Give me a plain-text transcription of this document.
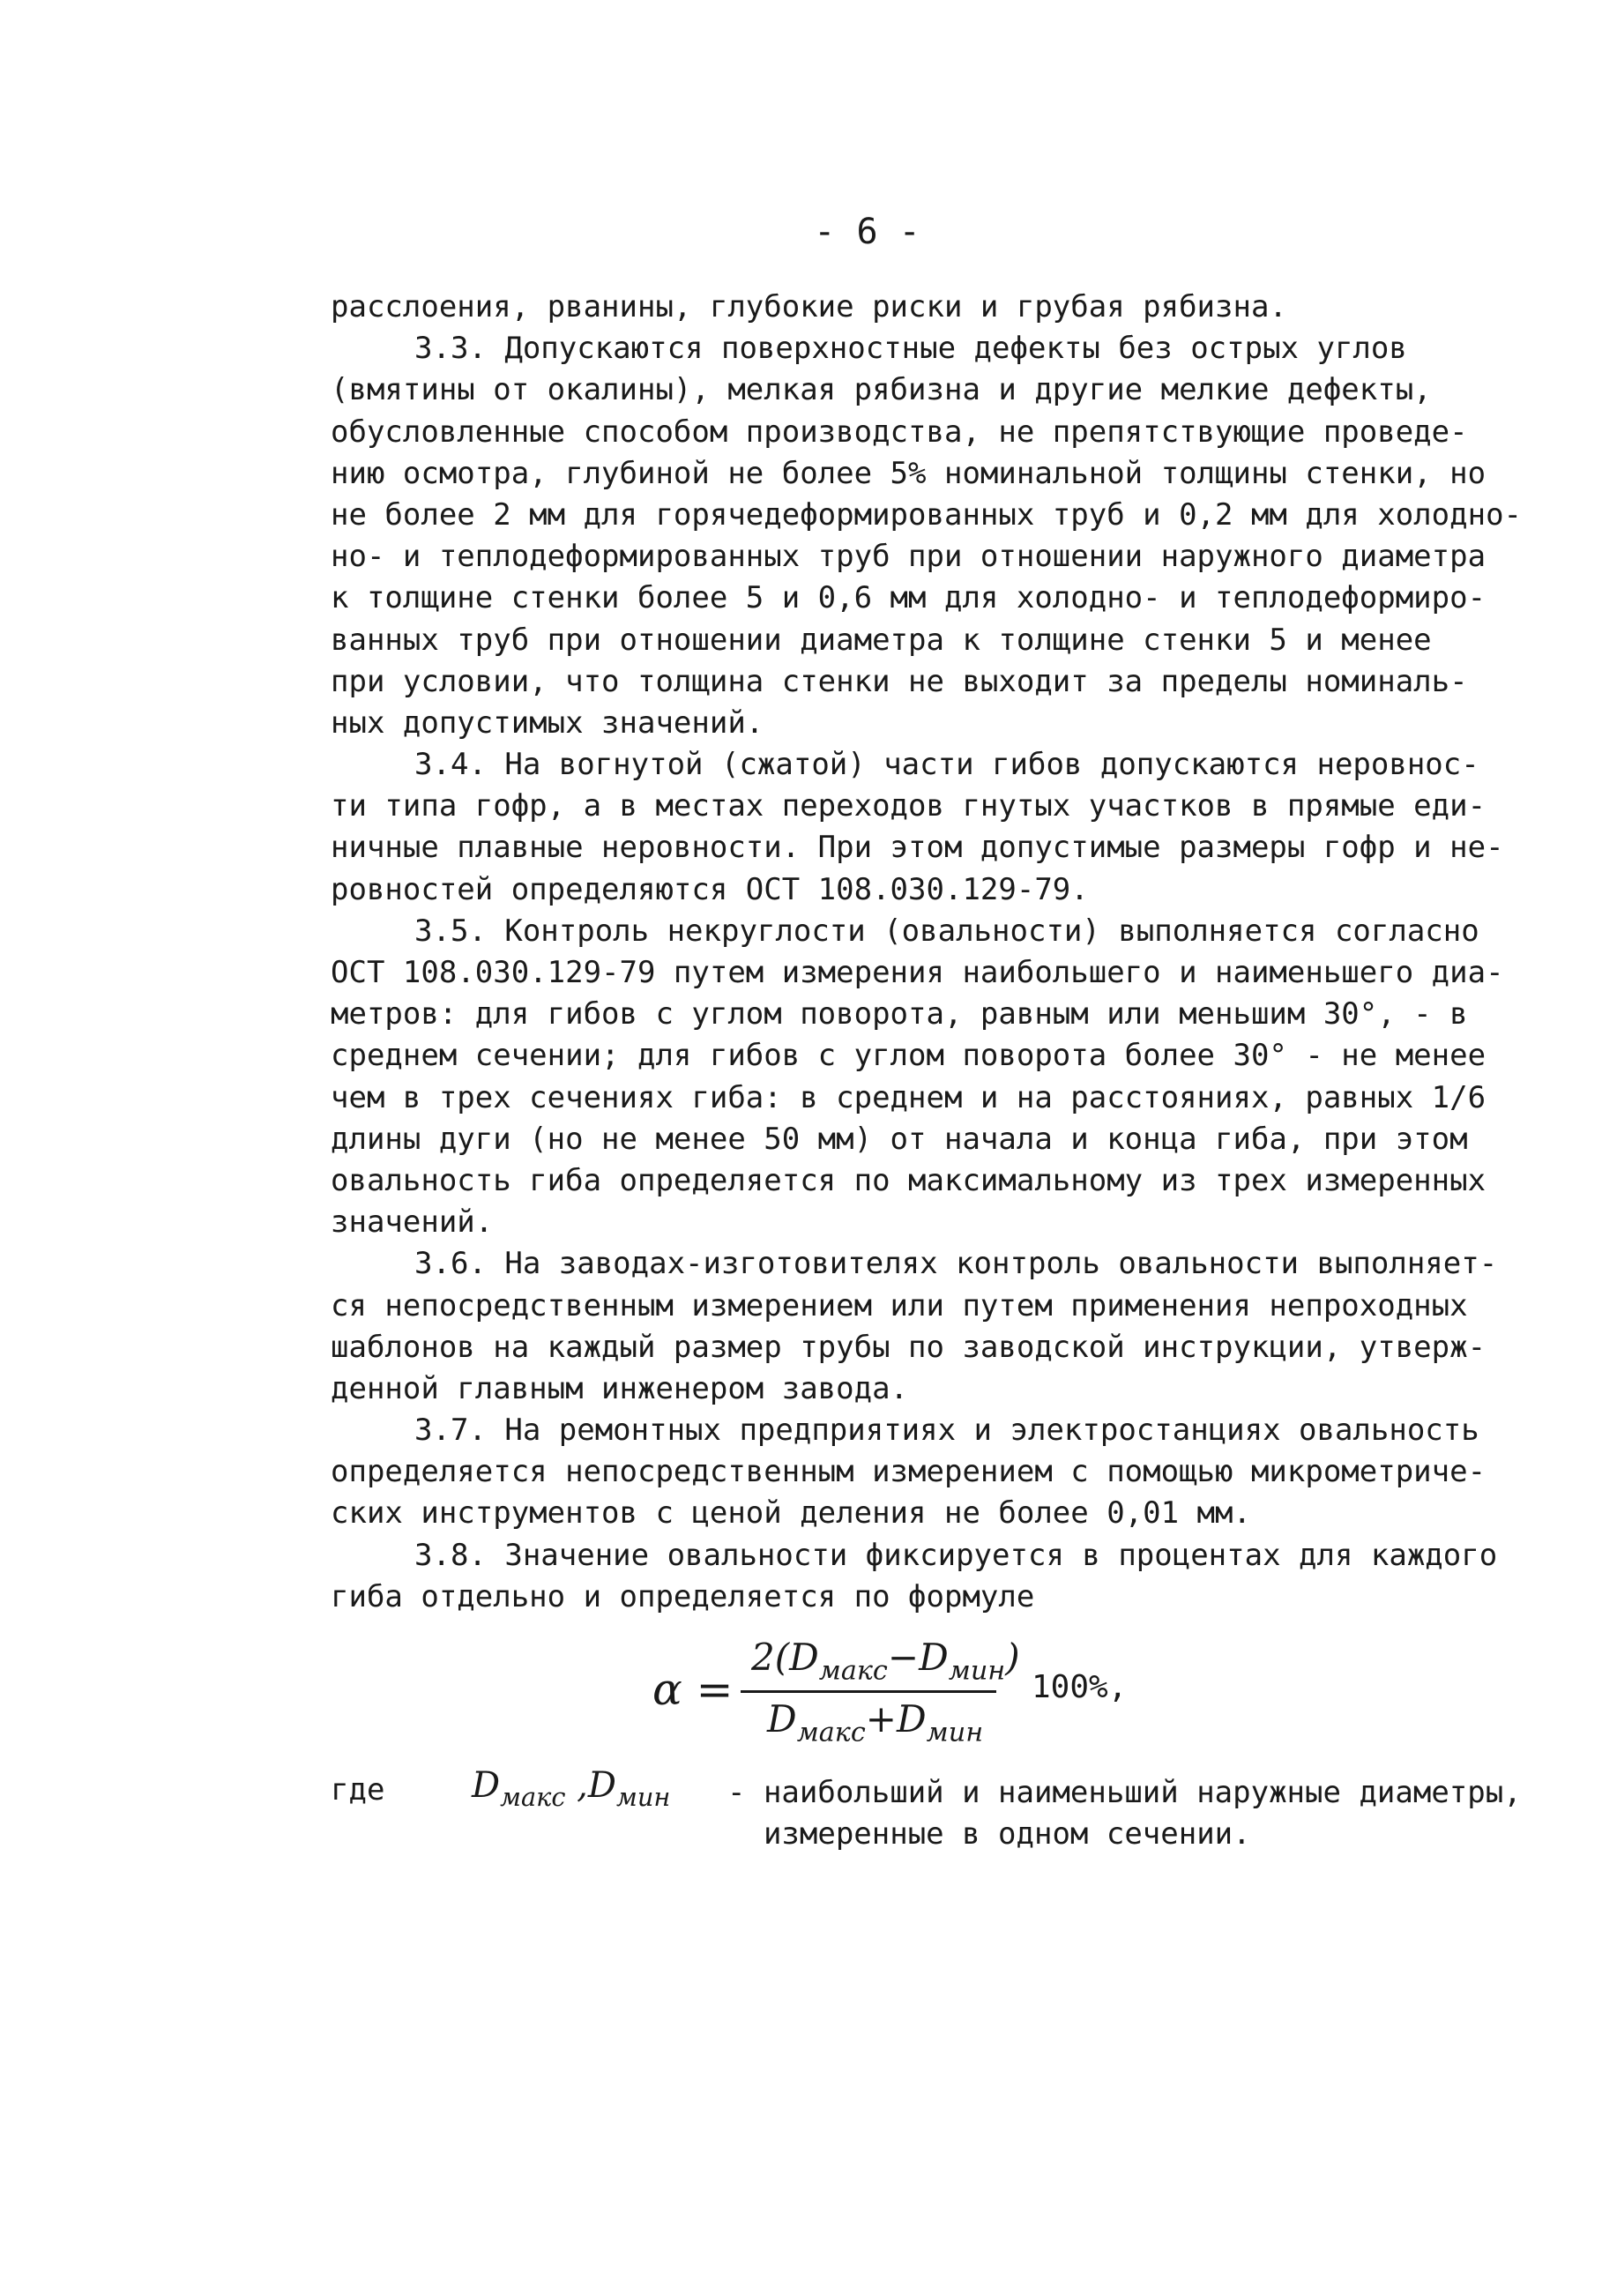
- 6 -
расслоения, рванины, глубокие риски и грубая рябизна.
3.3. Допускаются поверхностные дефекты без острых углов
(вмятины от окалины), мелкая рябизна и другие мелкие дефекты,
обусловленные способом производства, не препятствующие проведе-
нию осмотра, глубиной не более 5% номинальной толщины стенки, но
не более 2 мм для горячедеформированных труб и 0,2 мм для холодно-
но- и теплодеформированных труб при отношении наружного диаметра
к толщине стенки более 5 и 0,6 мм для холодно- и теплодеформиро-
ванных труб при отношении диаметра к толщине стенки 5 и менее
при условии, что толщина стенки не выходит за пределы номиналь-
ных допустимых значений.
3.4. На вогнутой (сжатой) части гибов допускаются неровнос-
ти типа гофр, а в местах переходов гнутых участков в прямые еди-
ничные плавные неровности. При этом допустимые размеры гофр и не-
ровностей определяются ОСТ 108.030.129-79.
3.5. Контроль некруглости (овальности) выполняется согласно
ОСТ 108.030.129-79 путем измерения наибольшего и наименьшего диа-
метров: для гибов с углом поворота, равным или меньшим 30°, - в
среднем сечении; для гибов с углом поворота более 30° - не менее
чем в трех сечениях гиба: в среднем и на расстояниях, равных 1/6
длины дуги (но не менее 50 мм) от начала и конца гиба, при этом
овальность гиба определяется по максимальному из трех измеренных
значений.
3.6. На заводах-изготовителях контроль овальности выполняет-
ся непосредственным измерением или путем применения непроходных
шаблонов на каждый размер трубы по заводской инструкции, утверж-
денной главным инженером завода.
3.7. На ремонтных предприятиях и электростанциях овальность
определяется непосредственным измерением с помощью микрометриче-
ских инструментов с ценой деления не более 0,01 мм.
3.8. Значение овальности фиксируется в процентах для каждого
гиба отдельно и определяется по формуле
α =
$2(D_{макс}-D_{мин})$
$D_{макс}+D_{мин}$
100%,
где $D_{макс}$ $,D_{мин}$ - наибольший и наименьший наружные диаметры,
измеренные в одном сечении.
